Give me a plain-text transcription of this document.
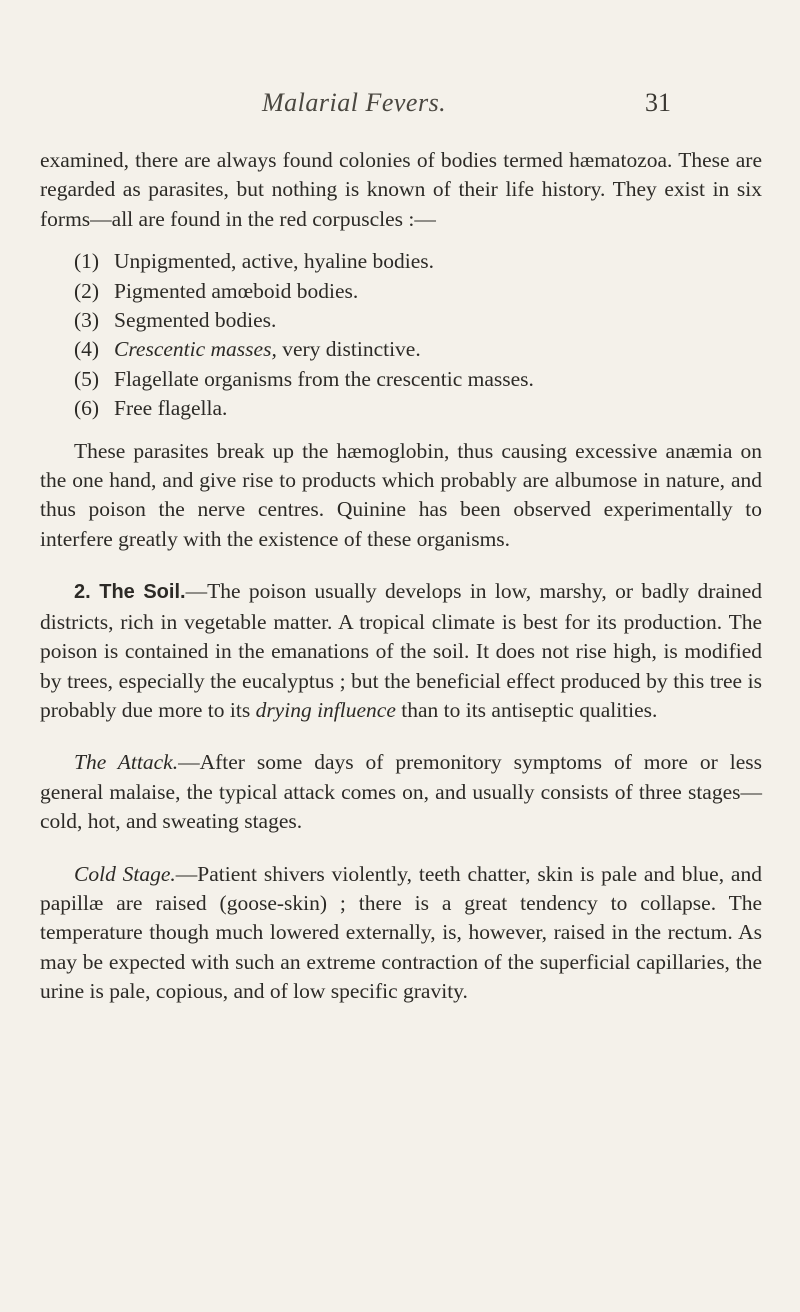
Malarial Fevers.	31

examined, there are always found colonies of bodies termed hæmatozoa. These are regarded as parasites, but nothing is known of their life history. They exist in six forms—all are found in the red corpuscles :—

(1) Unpigmented, active, hyaline bodies.
(2) Pigmented amœboid bodies.
(3) Segmented bodies.
(4) Crescentic masses, very distinctive.
(5) Flagellate organisms from the crescentic masses.
(6) Free flagella.

These parasites break up the hæmoglobin, thus causing excessive anæmia on the one hand, and give rise to products which probably are albumose in nature, and thus poison the nerve centres. Quinine has been observed experimentally to interfere greatly with the existence of these organisms.

2. The Soil.—The poison usually develops in low, marshy, or badly drained districts, rich in vegetable matter. A tropical climate is best for its production. The poison is contained in the emanations of the soil. It does not rise high, is modified by trees, especially the eucalyptus ; but the beneficial effect produced by this tree is probably due more to its drying influence than to its antiseptic qualities.

The Attack.—After some days of premonitory symptoms of more or less general malaise, the typical attack comes on, and usually consists of three stages—cold, hot, and sweating stages.

Cold Stage.—Patient shivers violently, teeth chatter, skin is pale and blue, and papillæ are raised (goose-skin) ; there is a great tendency to collapse. The temperature though much lowered externally, is, however, raised in the rectum. As may be expected with such an extreme contraction of the superficial capillaries, the urine is pale, copious, and of low specific gravity.
